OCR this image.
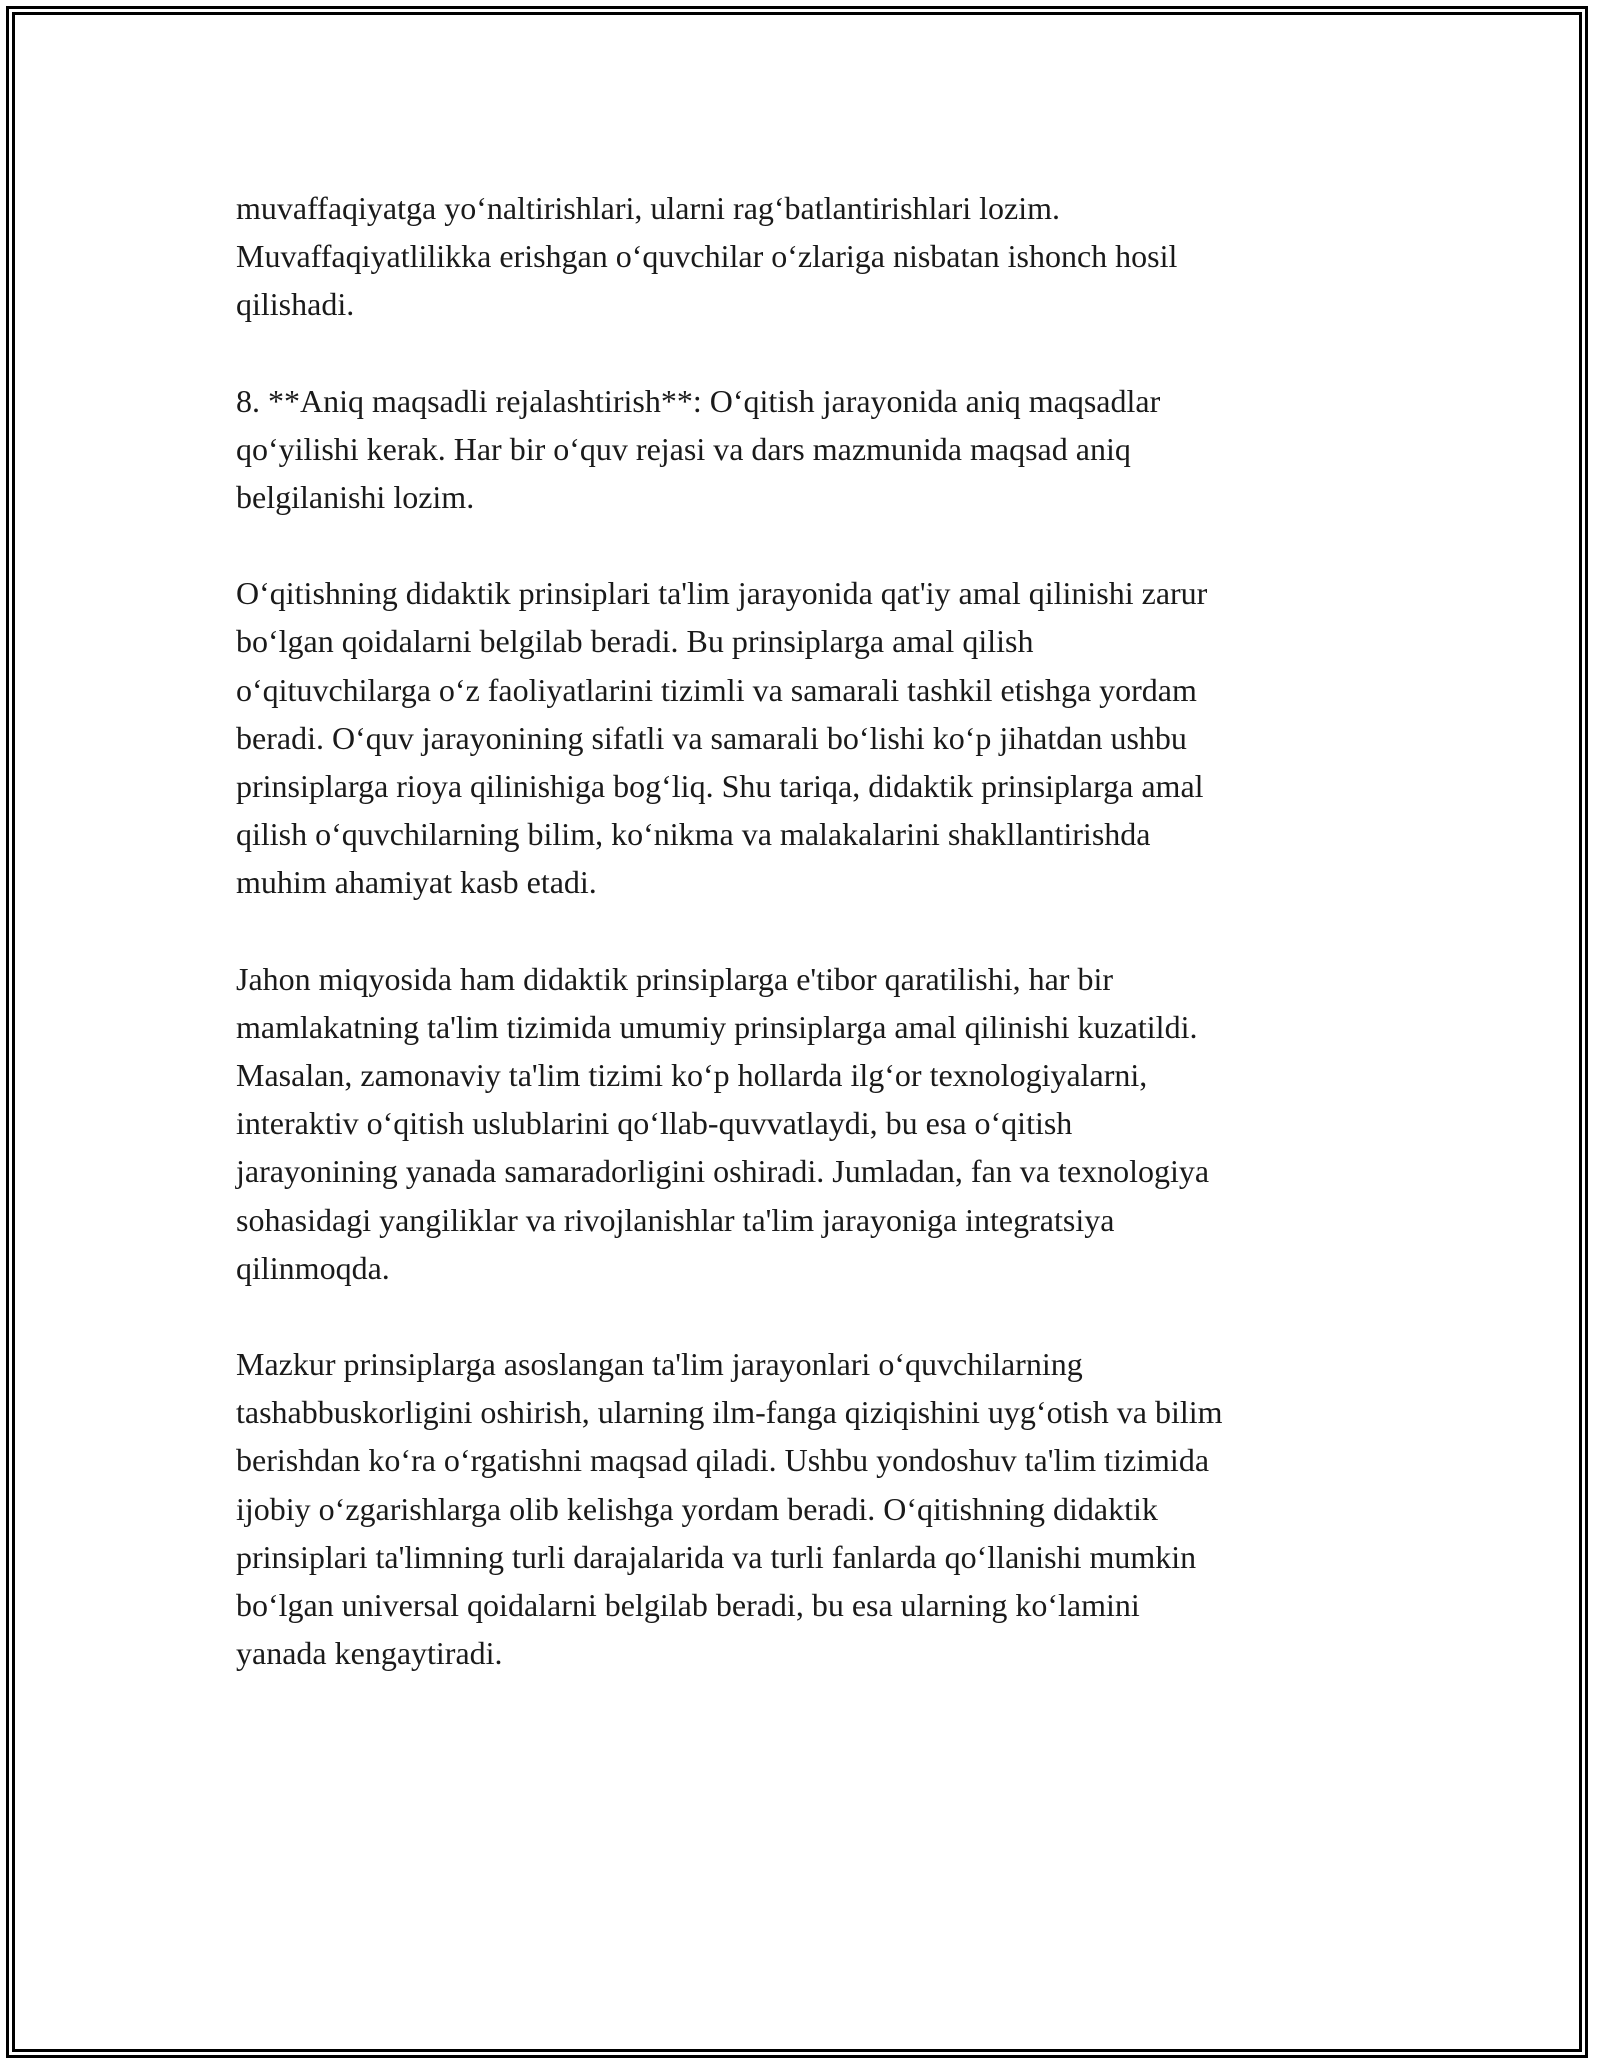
muvaffaqiyatga yo‘naltirishlari, ularni rag‘batlantirishlari lozim.
Muvaffaqiyatlilikka erishgan o‘quvchilar o‘zlariga nisbatan ishonch hosil
qilishadi.

8. **Aniq maqsadli rejalashtirish**: O‘qitish jarayonida aniq maqsadlar
qo‘yilishi kerak. Har bir o‘quv rejasi va dars mazmunida maqsad aniq
belgilanishi lozim.

O‘qitishning didaktik prinsiplari ta'lim jarayonida qat'iy amal qilinishi zarur
bo‘lgan qoidalarni belgilab beradi. Bu prinsiplarga amal qilish
o‘qituvchilarga o‘z faoliyatlarini tizimli va samarali tashkil etishga yordam
beradi. O‘quv jarayonining sifatli va samarali bo‘lishi ko‘p jihatdan ushbu
prinsiplarga rioya qilinishiga bog‘liq. Shu tariqa, didaktik prinsiplarga amal
qilish o‘quvchilarning bilim, ko‘nikma va malakalarini shakllantirishda
muhim ahamiyat kasb etadi.

Jahon miqyosida ham didaktik prinsiplarga e'tibor qaratilishi, har bir
mamlakatning ta'lim tizimida umumiy prinsiplarga amal qilinishi kuzatildi.
Masalan, zamonaviy ta'lim tizimi ko‘p hollarda ilg‘or texnologiyalarni,
interaktiv o‘qitish uslublarini qo‘llab-quvvatlaydi, bu esa o‘qitish
jarayonining yanada samaradorligini oshiradi. Jumladan, fan va texnologiya
sohasidagi yangiliklar va rivojlanishlar ta'lim jarayoniga integratsiya
qilinmoqda.

Mazkur prinsiplarga asoslangan ta'lim jarayonlari o‘quvchilarning
tashabbuskorligini oshirish, ularning ilm-fanga qiziqishini uyg‘otish va bilim
berishdan ko‘ra o‘rgatishni maqsad qiladi. Ushbu yondoshuv ta'lim tizimida
ijobiy o‘zgarishlarga olib kelishga yordam beradi. O‘qitishning didaktik
prinsiplari ta'limning turli darajalarida va turli fanlarda qo‘llanishi mumkin
bo‘lgan universal qoidalarni belgilab beradi, bu esa ularning ko‘lamini
yanada kengaytiradi.
